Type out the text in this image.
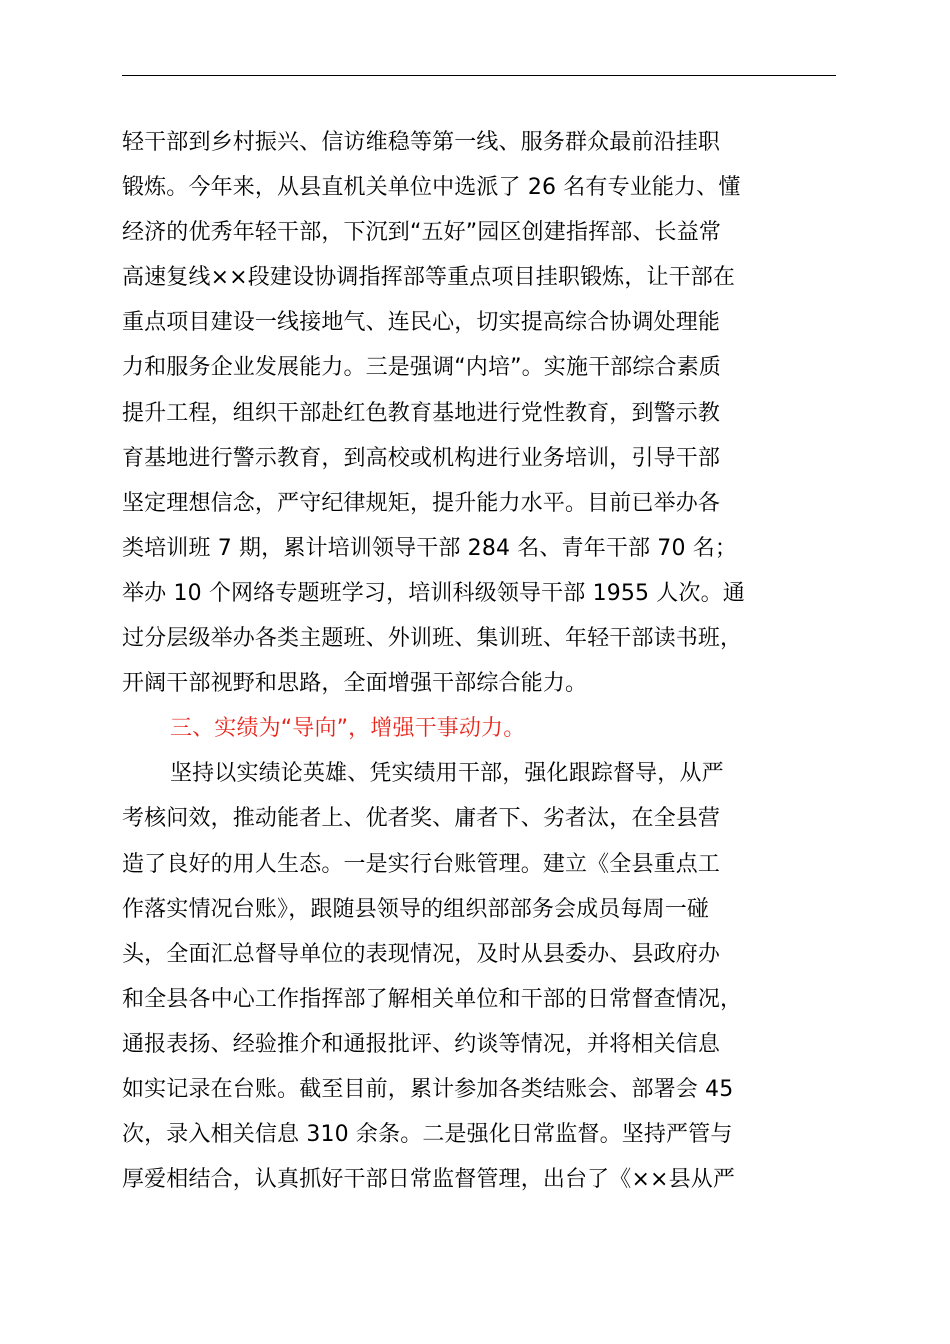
轻干部到乡村振兴、信访维稳等第一线、服务群众最前沿挂职
锻炼。今年来，从县直机关单位中选派了 26 名有专业能力、懂
经济的优秀年轻干部，下沉到“五好”园区创建指挥部、长益常
高速复线××段建设协调指挥部等重点项目挂职锻炼，让干部在
重点项目建设一线接地气、连民心，切实提高综合协调处理能
力和服务企业发展能力。三是强调“内培”。实施干部综合素质
提升工程，组织干部赴红色教育基地进行党性教育，到警示教
育基地进行警示教育，到高校或机构进行业务培训，引导干部
坚定理想信念，严守纪律规矩，提升能力水平。目前已举办各
类培训班 7 期，累计培训领导干部 284 名、青年干部 70 名；
举办 10 个网络专题班学习，培训科级领导干部 1955 人次。通
过分层级举办各类主题班、外训班、集训班、年轻干部读书班，
开阔干部视野和思路，全面增强干部综合能力。
三、实绩为“导向”，增强干事动力。
坚持以实绩论英雄、凭实绩用干部，强化跟踪督导，从严
考核问效，推动能者上、优者奖、庸者下、劣者汰，在全县营
造了良好的用人生态。一是实行台账管理。建立《全县重点工
作落实情况台账》，跟随县领导的组织部部务会成员每周一碰
头，全面汇总督导单位的表现情况，及时从县委办、县政府办
和全县各中心工作指挥部了解相关单位和干部的日常督查情况，
通报表扬、经验推介和通报批评、约谈等情况，并将相关信息
如实记录在台账。截至目前，累计参加各类结账会、部署会 45
次，录入相关信息 310 余条。二是强化日常监督。坚持严管与
厚爱相结合，认真抓好干部日常监督管理，出台了《××县从严
